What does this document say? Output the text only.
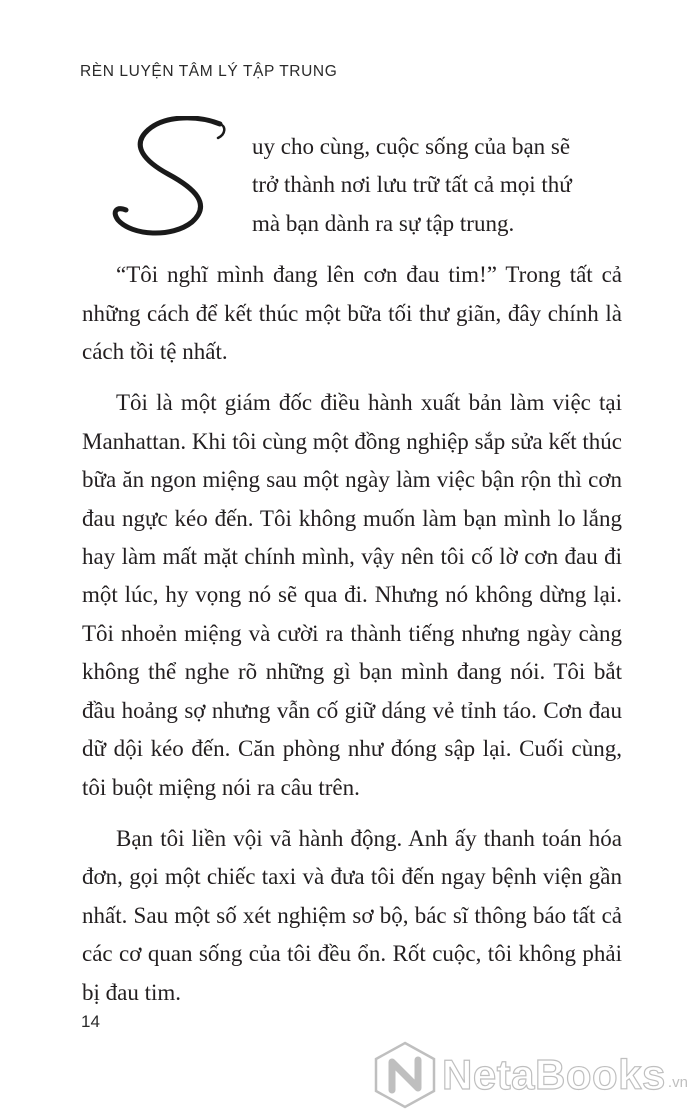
RÈN LUYỆN TÂM LÝ TẬP TRUNG

uy cho cùng, cuộc sống của bạn sẽ
trở thành nơi lưu trữ tất cả mọi thứ
mà bạn dành ra sự tập trung.

“Tôi nghĩ mình đang lên cơn đau tim!” Trong tất cả những cách để kết thúc một bữa tối thư giãn, đây chính là cách tồi tệ nhất.

Tôi là một giám đốc điều hành xuất bản làm việc tại Manhattan. Khi tôi cùng một đồng nghiệp sắp sửa kết thúc bữa ăn ngon miệng sau một ngày làm việc bận rộn thì cơn đau ngực kéo đến. Tôi không muốn làm bạn mình lo lắng hay làm mất mặt chính mình, vậy nên tôi cố lờ cơn đau đi một lúc, hy vọng nó sẽ qua đi. Nhưng nó không dừng lại. Tôi nhoẻn miệng và cười ra thành tiếng nhưng ngày càng không thể nghe rõ những gì bạn mình đang nói. Tôi bắt đầu hoảng sợ nhưng vẫn cố giữ dáng vẻ tỉnh táo. Cơn đau dữ dội kéo đến. Căn phòng như đóng sập lại. Cuối cùng, tôi buột miệng nói ra câu trên.

Bạn tôi liền vội vã hành động. Anh ấy thanh toán hóa đơn, gọi một chiếc taxi và đưa tôi đến ngay bệnh viện gần nhất. Sau một số xét nghiệm sơ bộ, bác sĩ thông báo tất cả các cơ quan sống của tôi đều ổn. Rốt cuộc, tôi không phải bị đau tim.

14
NetaBooks .vn
